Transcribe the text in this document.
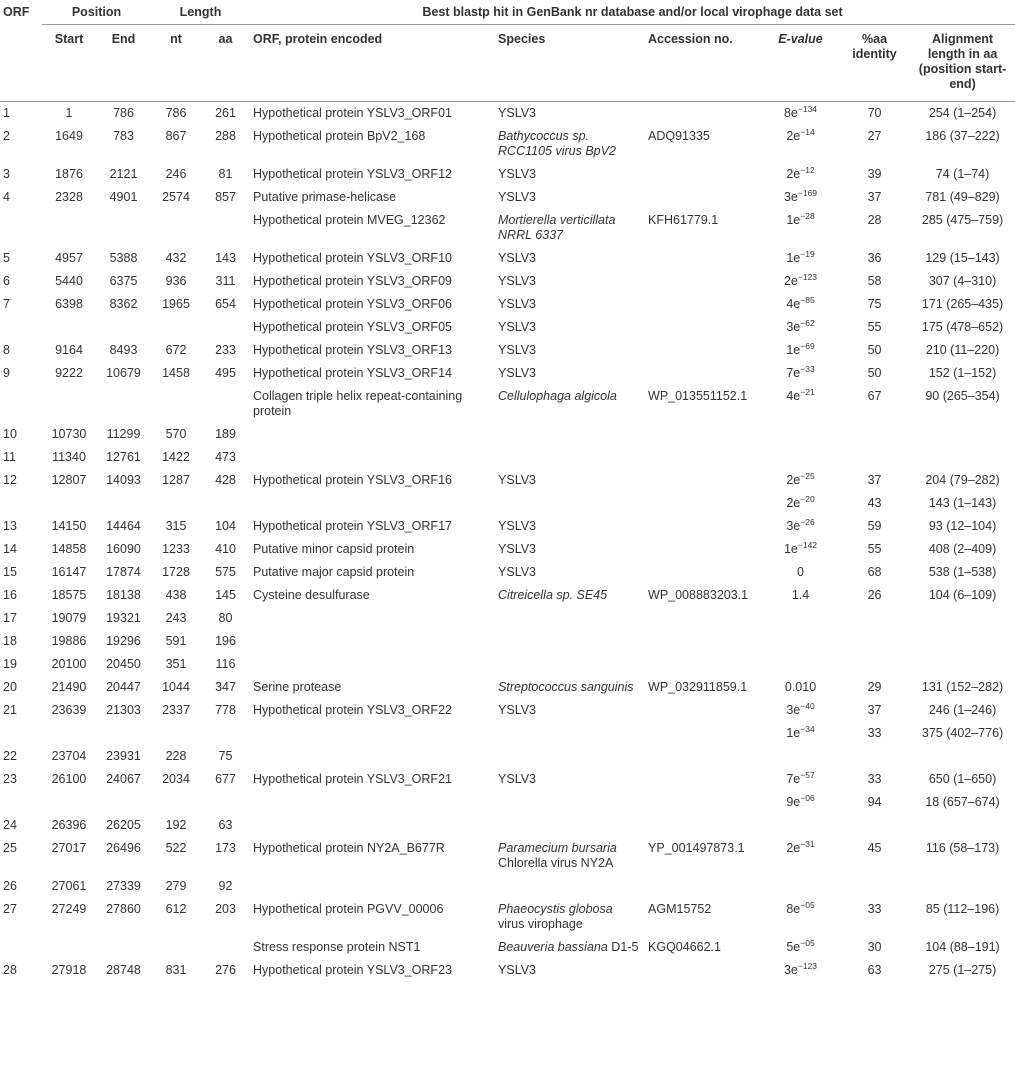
ORF	Position		Length		Best blastp hit in GenBank nr database and/or local virophage data set					
	Start	End	nt	aa	ORF, protein encoded	Species	Accession no.	E-value	%aa identity	Alignment length in aa (position start-end)
1	1	786	786	261	Hypothetical protein YSLV3_ORF01	YSLV3		$8e^{-134}$	70	254 (1–254)
2	1649	783	867	288	Hypothetical protein BpV2_168	Bathycoccus sp. RCC1105 virus BpV2	ADQ91335	$2e^{-14}$	27	186 (37–222)
3	1876	2121	246	81	Hypothetical protein YSLV3_ORF12	YSLV3		$2e^{-12}$	39	74 (1–74)
4	2328	4901	2574	857	Putative primase-helicase	YSLV3		$3e^{-169}$	37	781 (49–829)
					Hypothetical protein MVEG_12362	Mortierella verticillata NRRL 6337	KFH61779.1	$1e^{-28}$	28	285 (475–759)
5	4957	5388	432	143	Hypothetical protein YSLV3_ORF10	YSLV3		$1e^{-19}$	36	129 (15–143)
6	5440	6375	936	311	Hypothetical protein YSLV3_ORF09	YSLV3		$2e^{-123}$	58	307 (4–310)
7	6398	8362	1965	654	Hypothetical protein YSLV3_ORF06	YSLV3		$4e^{-85}$	75	171 (265–435)
					Hypothetical protein YSLV3_ORF05	YSLV3		$3e^{-62}$	55	175 (478–652)
8	9164	8493	672	233	Hypothetical protein YSLV3_ORF13	YSLV3		$1e^{-69}$	50	210 (11–220)
9	9222	10679	1458	495	Hypothetical protein YSLV3_ORF14	YSLV3		$7e^{-33}$	50	152 (1–152)
					Collagen triple helix repeat-containing protein	Cellulophaga algicola	WP_013551152.1	$4e^{-21}$	67	90 (265–354)
10	10730	11299	570	189						
11	11340	12761	1422	473						
12	12807	14093	1287	428	Hypothetical protein YSLV3_ORF16	YSLV3		$2e^{-25}$	37	204 (79–282)
								$2e^{-20}$	43	143 (1–143)
13	14150	14464	315	104	Hypothetical protein YSLV3_ORF17	YSLV3		$3e^{-26}$	59	93 (12–104)
14	14858	16090	1233	410	Putative minor capsid protein	YSLV3		$1e^{-142}$	55	408 (2–409)
15	16147	17874	1728	575	Putative major capsid protein	YSLV3		0	68	538 (1–538)
16	18575	18138	438	145	Cysteine desulfurase	Citreicella sp. SE45	WP_008883203.1	1.4	26	104 (6–109)
17	19079	19321	243	80						
18	19886	19296	591	196						
19	20100	20450	351	116						
20	21490	20447	1044	347	Serine protease	Streptococcus sanguinis	WP_032911859.1	0.010	29	131 (152–282)
21	23639	21303	2337	778	Hypothetical protein YSLV3_ORF22	YSLV3		$3e^{-40}$	37	246 (1–246)
								$1e^{-34}$	33	375 (402–776)
22	23704	23931	228	75						
23	26100	24067	2034	677	Hypothetical protein YSLV3_ORF21	YSLV3		$7e^{-57}$	33	650 (1–650)
								$9e^{-06}$	94	18 (657–674)
24	26396	26205	192	63						
25	27017	26496	522	173	Hypothetical protein NY2A_B677R	Paramecium bursaria Chlorella virus NY2A	YP_001497873.1	$2e^{-31}$	45	116 (58–173)
26	27061	27339	279	92						
27	27249	27860	612	203	Hypothetical protein PGVV_00006	Phaeocystis globosa virus virophage	AGM15752	$8e^{-05}$	33	85 (112–196)
					Stress response protein NST1	Beauveria bassiana D1-5	KGQ04662.1	$5e^{-05}$	30	104 (88–191)
28	27918	28748	831	276	Hypothetical protein YSLV3_ORF23	YSLV3		$3e^{-123}$	63	275 (1–275)
